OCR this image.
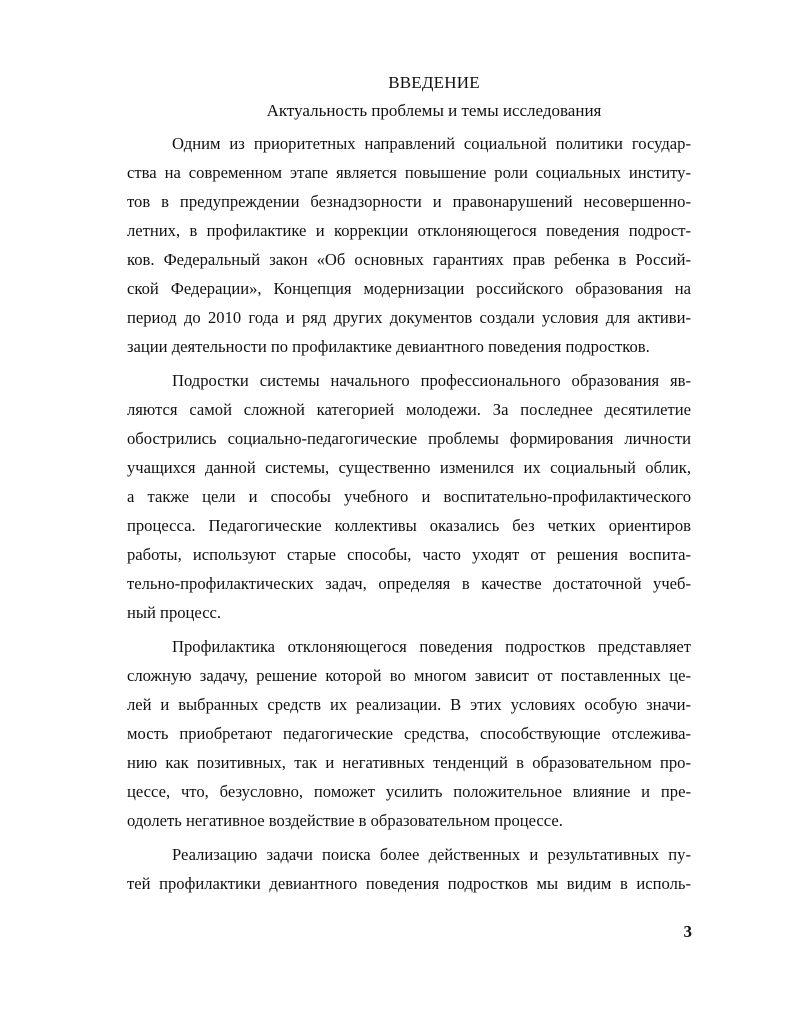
ВВЕДЕНИЕ
Актуальность проблемы и темы исследования
Одним из приоритетных направлений социальной политики государ-
ства на современном этапе является повышение роли социальных институ-
тов в предупреждении безнадзорности и правонарушений несовершенно-
летних, в профилактике и коррекции отклоняющегося поведения подрост-
ков. Федеральный закон «Об основных гарантиях прав ребенка в Россий-
ской Федерации», Концепция модернизации российского образования на
период до 2010 года и ряд других документов создали условия для активи-
зации деятельности по профилактике девиантного поведения подростков.
Подростки системы начального профессионального образования яв-
ляются самой сложной категорией молодежи. За последнее десятилетие
обострились социально-педагогические проблемы формирования личности
учащихся данной системы, существенно изменился их социальный облик,
а также цели и способы учебного и воспитательно-профилактического
процесса. Педагогические коллективы оказались без четких ориентиров
работы, используют старые способы, часто уходят от решения воспита-
тельно-профилактических задач, определяя в качестве достаточной учеб-
ный процесс.
Профилактика отклоняющегося поведения подростков представляет
сложную задачу, решение которой во многом зависит от поставленных це-
лей и выбранных средств их реализации. В этих условиях особую значи-
мость приобретают педагогические средства, способствующие отслежива-
нию как позитивных, так и негативных тенденций в образовательном про-
цессе, что, безусловно, поможет усилить положительное влияние и пре-
одолеть негативное воздействие в образовательном процессе.
Реализацию задачи поиска более действенных и результативных пу-
тей профилактики девиантного поведения подростков мы видим в исполь-
3
